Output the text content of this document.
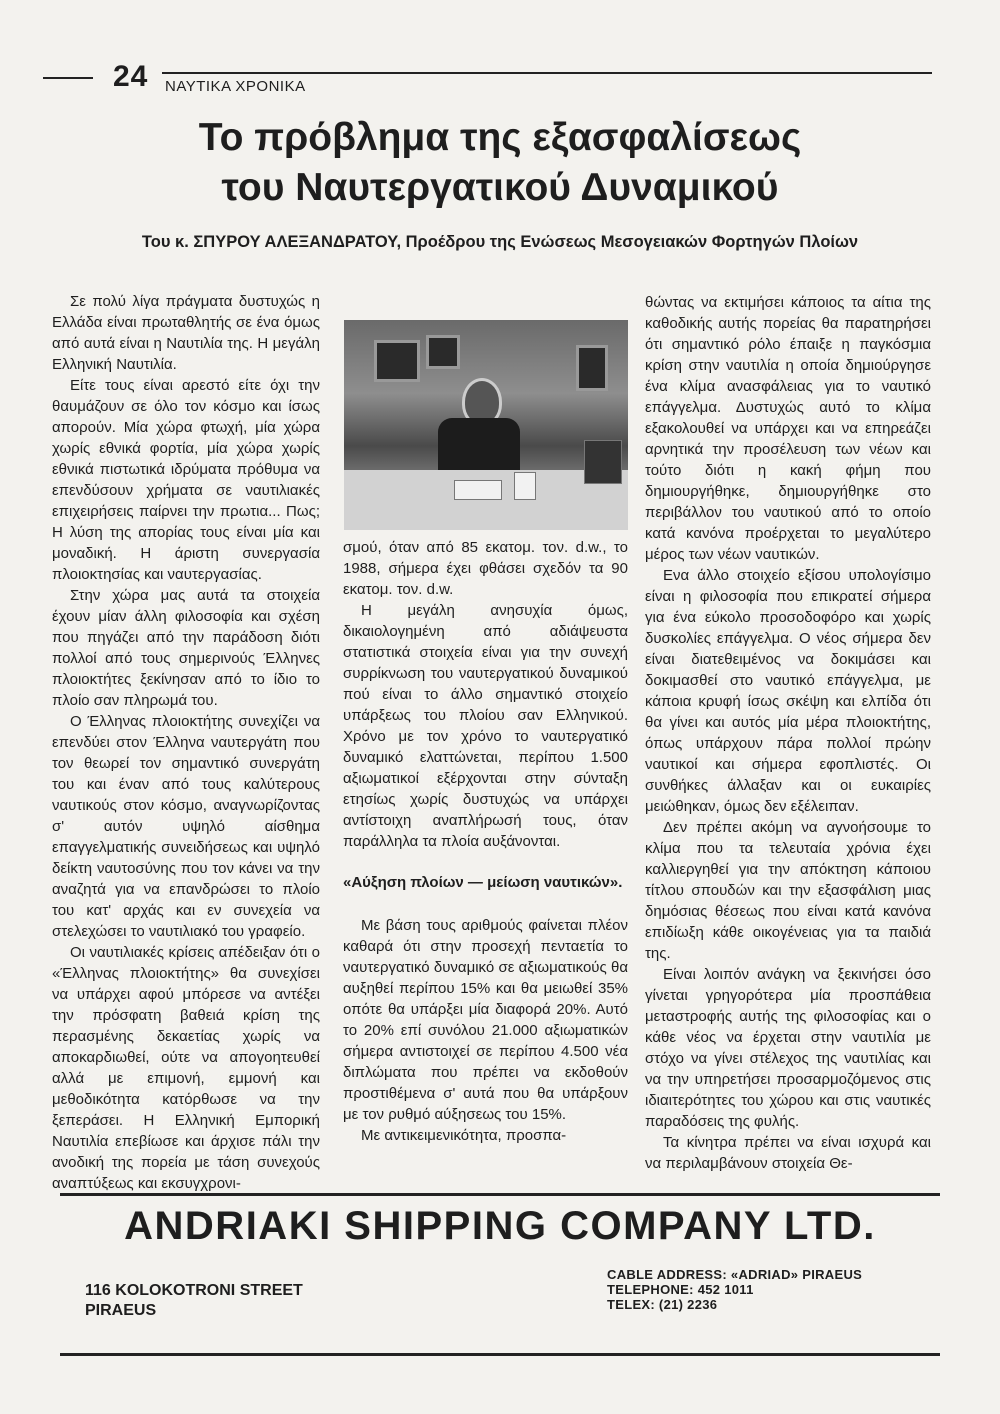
24 ΝΑΥΤΙΚΑ ΧΡΟΝΙΚΑ
Το πρόβλημα της εξασφαλίσεως
του Ναυτεργατικού Δυναμικού
Του κ. ΣΠΥΡΟΥ ΑΛΕΞΑΝΔΡΑΤΟΥ, Προέδρου της Ενώσεως Μεσογειακών Φορτηγών Πλοίων

Σε πολύ λίγα πράγματα δυστυχώς η Ελλάδα είναι πρωταθλητής σε ένα όμως από αυτά είναι η Ναυτιλία της. Η μεγάλη Ελληνική Ναυτιλία.

Είτε τους είναι αρεστό είτε όχι την θαυμάζουν σε όλο τον κόσμο και ίσως απορούν. Μία χώρα φτωχή, μία χώρα χωρίς εθνικά φορτία, μία χώρα χωρίς εθνικά πιστωτικά ιδρύματα πρόθυμα να επενδύσουν χρήματα σε ναυτιλιακές επιχειρήσεις παίρνει την πρωτια... Πως; Η λύση της απορίας τους είναι μία και μοναδική. Η άριστη συνεργασία πλοιοκτησίας και ναυτεργασίας.

Στην χώρα μας αυτά τα στοιχεία έχουν μίαν άλλη φιλοσοφία και σχέση που πηγάζει από την παράδοση διότι πολλοί από τους σημερινούς Έλληνες πλοιοκτήτες ξεκίνησαν από το ίδιο το πλοίο σαν πληρωμά του.

Ο Έλληνας πλοιοκτήτης συνεχίζει να επενδύει στον Έλληνα ναυτεργάτη που τον θεωρεί τον σημαντικό συνεργάτη του και έναν από τους καλύτερους ναυτικούς στον κόσμο, αναγνωρίζοντας σ' αυτόν υψηλό αίσθημα επαγγελματικής συνειδήσεως και υψηλό δείκτη ναυτοσύνης που τον κάνει να την αναζητά για να επανδρώσει το πλοίο του κατ' αρχάς και εν συνεχεία να στελεχώσει το ναυτιλιακό του γραφείο.

Οι ναυτιλιακές κρίσεις απέδειξαν ότι ο «Έλληνας πλοιοκτήτης» θα συνεχίσει να υπάρχει αφού μπόρεσε να αντέξει την πρόσφατη βαθειά κρίση της περασμένης δεκαετίας χωρίς να αποκαρδιωθεί, ούτε να απογοητευθεί αλλά με επιμονή, εμμονή και μεθοδικότητα κατόρθωσε να την ξεπεράσει. Η Ελληνική Εμπορική Ναυτιλία επεβίωσε και άρχισε πάλι την ανοδική της πορεία με τάση συνεχούς αναπτύξεως και εκσυγχρονι-

σμού, όταν από 85 εκατομ. τον. d.w., το 1988, σήμερα έχει φθάσει σχεδόν τα 90 εκατομ. τον. d.w.

Η μεγάλη ανησυχία όμως, δικαιολογημένη από αδιάψευστα στατιστικά στοιχεία είναι για την συνεχή συρρίκνωση του ναυτεργατικού δυναμικού πού είναι το άλλο σημαντικό στοιχείο υπάρξεως του πλοίου σαν Ελληνικού. Χρόνο με τον χρόνο το ναυτεργατικό δυναμικό ελαττώνεται, περίπου 1.500 αξιωματικοί εξέρχονται στην σύνταξη ετησίως χωρίς δυστυχώς να υπάρχει αντίστοιχη αναπλήρωσή τους, όταν παράλληλα τα πλοία αυξάνονται.

«Αύξηση πλοίων — μείωση ναυτικών».

Με βάση τους αριθμούς φαίνεται πλέον καθαρά ότι στην προσεχή πενταετία το ναυτεργατικό δυναμικό σε αξιωματικούς θα αυξηθεί περίπου 15% και θα μειωθεί 35% οπότε θα υπάρξει μία διαφορά 20%. Αυτό το 20% επί συνόλου 21.000 αξιωματικών σήμερα αντιστοιχεί σε περίπου 4.500 νέα διπλώματα που πρέπει να εκδοθούν προστιθέμενα σ' αυτά που θα υπάρξουν με τον ρυθμό αύξησεως του 15%.

Με αντικειμενικότητα, προσπα-

θώντας να εκτιμήσει κάποιος τα αίτια της καθοδικής αυτής πορείας θα παρατηρήσει ότι σημαντικό ρόλο έπαιξε η παγκόσμια κρίση στην ναυτιλία η οποία δημιούργησε ένα κλίμα ανασφάλειας για το ναυτικό επάγγελμα. Δυστυχώς αυτό το κλίμα εξακολουθεί να υπάρχει και να επηρεάζει αρνητικά την προσέλευση των νέων και τούτο διότι η κακή φήμη που δημιουργήθηκε, δημιουργήθηκε στο περιβάλλον του ναυτικού από το οποίο κατά κανόνα προέρχεται το μεγαλύτερο μέρος των νέων ναυτικών.

Ενα άλλο στοιχείο εξίσου υπολογίσιμο είναι η φιλοσοφία που επικρατεί σήμερα για ένα εύκολο προσοδοφόρο και χωρίς δυσκολίες επάγγελμα. Ο νέος σήμερα δεν είναι διατεθειμένος να δοκιμάσει και δοκιμασθεί στο ναυτικό επάγγελμα, με κάποια κρυφή ίσως σκέψη και ελπίδα ότι θα γίνει και αυτός μία μέρα πλοιοκτήτης, όπως υπάρχουν πάρα πολλοί πρώην ναυτικοί και σήμερα εφοπλιστές. Οι συνθήκες άλλαξαν και οι ευκαιρίες μειώθηκαν, όμως δεν εξέλειπαν.

Δεν πρέπει ακόμη να αγνοήσουμε το κλίμα που τα τελευταία χρόνια έχει καλλιεργηθεί για την απόκτηση κάποιου τίτλου σπουδών και την εξασφάλιση μιας δημόσιας θέσεως που είναι κατά κανόνα επιδίωξη κάθε οικογένειας για τα παιδιά της.

Είναι λοιπόν ανάγκη να ξεκινήσει όσο γίνεται γρηγορότερα μία προσπάθεια μεταστροφής αυτής της φιλοσοφίας και ο κάθε νέος να έρχεται στην ναυτιλία με στόχο να γίνει στέλεχος της ναυτιλίας και να την υπηρετήσει προσαρμοζόμενος στις ιδιαιτερότητες του χώρου και στις ναυτικές παραδόσεις της φυλής.

Τα κίνητρα πρέπει να είναι ισχυρά και να περιλαμβάνουν στοιχεία Θε-

ANDRIAKI SHIPPING COMPANY LTD.
116 KOLOKOTRONI STREET
PIRAEUS
CABLE ADDRESS: «ADRIAD» PIRAEUS
TELEPHONE: 452 1011
TELEX: (21) 2236
